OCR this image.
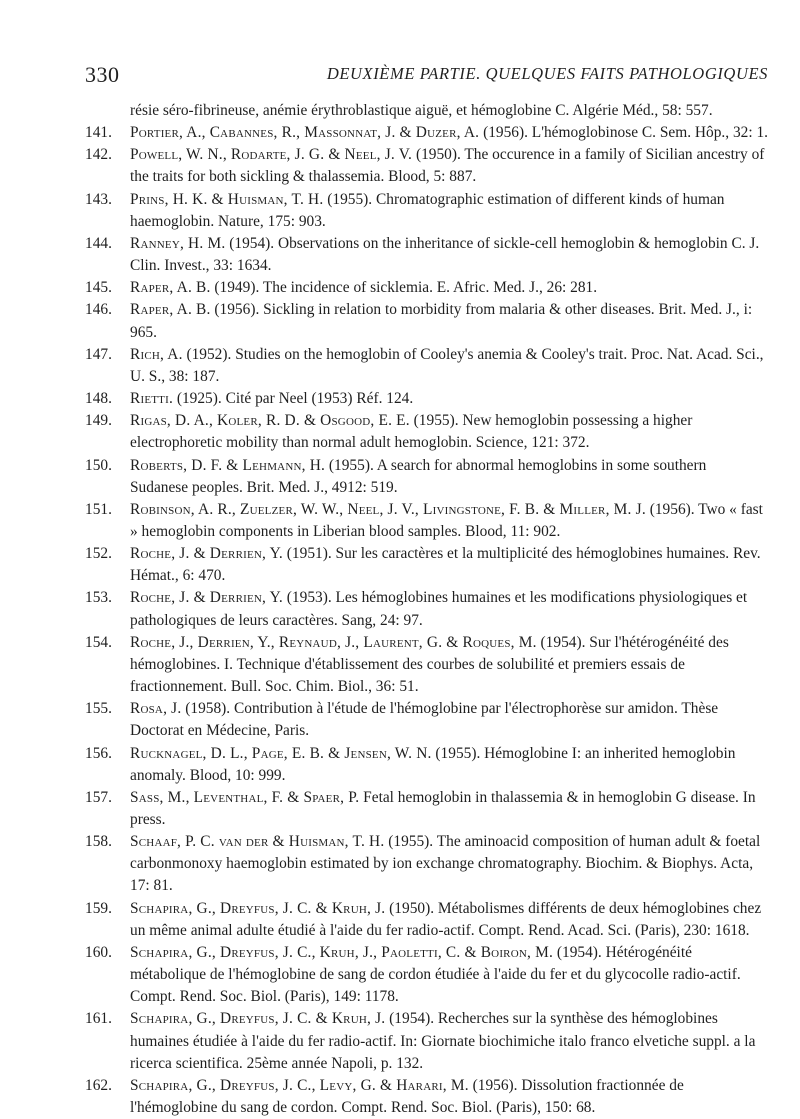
330	DEUXIÈME PARTIE. QUELQUES FAITS PATHOLOGIQUES

résie séro-fibrineuse, anémie érythroblastique aiguë, et hémoglobine C. Algérie Méd., 58: 557.

141. Portier, A., Cabannes, R., Massonnat, J. & Duzer, A. (1956). L'hémoglobinose C. Sem. Hôp., 32: 1.

142. Powell, W. N., Rodarte, J. G. & Neel, J. V. (1950). The occurence in a family of Sicilian ancestry of the traits for both sickling & thalassemia. Blood, 5: 887.

143. Prins, H. K. & Huisman, T. H. (1955). Chromatographic estimation of different kinds of human haemoglobin. Nature, 175: 903.

144. Ranney, H. M. (1954). Observations on the inheritance of sickle-cell hemoglobin & hemoglobin C. J. Clin. Invest., 33: 1634.

145. Raper, A. B. (1949). The incidence of sicklemia. E. Afric. Med. J., 26: 281.

146. Raper, A. B. (1956). Sickling in relation to morbidity from malaria & other diseases. Brit. Med. J., i: 965.

147. Rich, A. (1952). Studies on the hemoglobin of Cooley's anemia & Cooley's trait. Proc. Nat. Acad. Sci., U. S., 38: 187.

148. Rietti. (1925). Cité par Neel (1953) Réf. 124.

149. Rigas, D. A., Koler, R. D. & Osgood, E. E. (1955). New hemoglobin possessing a higher electrophoretic mobility than normal adult hemoglobin. Science, 121: 372.

150. Roberts, D. F. & Lehmann, H. (1955). A search for abnormal hemoglobins in some southern Sudanese peoples. Brit. Med. J., 4912: 519.

151. Robinson, A. R., Zuelzer, W. W., Neel, J. V., Livingstone, F. B. & Miller, M. J. (1956). Two « fast » hemoglobin components in Liberian blood samples. Blood, 11: 902.

152. Roche, J. & Derrien, Y. (1951). Sur les caractères et la multiplicité des hémoglobines humaines. Rev. Hémat., 6: 470.

153. Roche, J. & Derrien, Y. (1953). Les hémoglobines humaines et les modifications physiologiques et pathologiques de leurs caractères. Sang, 24: 97.

154. Roche, J., Derrien, Y., Reynaud, J., Laurent, G. & Roques, M. (1954). Sur l'hétérogénéité des hémoglobines. I. Technique d'établissement des courbes de solubilité et premiers essais de fractionnement. Bull. Soc. Chim. Biol., 36: 51.

155. Rosa, J. (1958). Contribution à l'étude de l'hémoglobine par l'électrophorèse sur amidon. Thèse Doctorat en Médecine, Paris.

156. Rucknagel, D. L., Page, E. B. & Jensen, W. N. (1955). Hémoglobine I: an inherited hemoglobin anomaly. Blood, 10: 999.

157. Sass, M., Leventhal, F. & Spaer, P. Fetal hemoglobin in thalassemia & in hemoglobin G disease. In press.

158. Schaaf, P. C. van der & Huisman, T. H. (1955). The aminoacid composition of human adult & foetal carbonmonoxy haemoglobin estimated by ion exchange chromatography. Biochim. & Biophys. Acta, 17: 81.

159. Schapira, G., Dreyfus, J. C. & Kruh, J. (1950). Métabolismes différents de deux hémoglobines chez un même animal adulte étudié à l'aide du fer radio-actif. Compt. Rend. Acad. Sci. (Paris), 230: 1618.

160. Schapira, G., Dreyfus, J. C., Kruh, J., Paoletti, C. & Boiron, M. (1954). Hétérogénéité métabolique de l'hémoglobine de sang de cordon étudiée à l'aide du fer et du glycocolle radio-actif. Compt. Rend. Soc. Biol. (Paris), 149: 1178.

161. Schapira, G., Dreyfus, J. C. & Kruh, J. (1954). Recherches sur la synthèse des hémoglobines humaines étudiée à l'aide du fer radio-actif. In: Giornate biochimiche italo franco elvetiche suppl. a la ricerca scientifica. 25ème année Napoli, p. 132.

162. Schapira, G., Dreyfus, J. C., Levy, G. & Harari, M. (1956). Dissolution fractionnée de l'hémoglobine du sang de cordon. Compt. Rend. Soc. Biol. (Paris), 150: 68.
